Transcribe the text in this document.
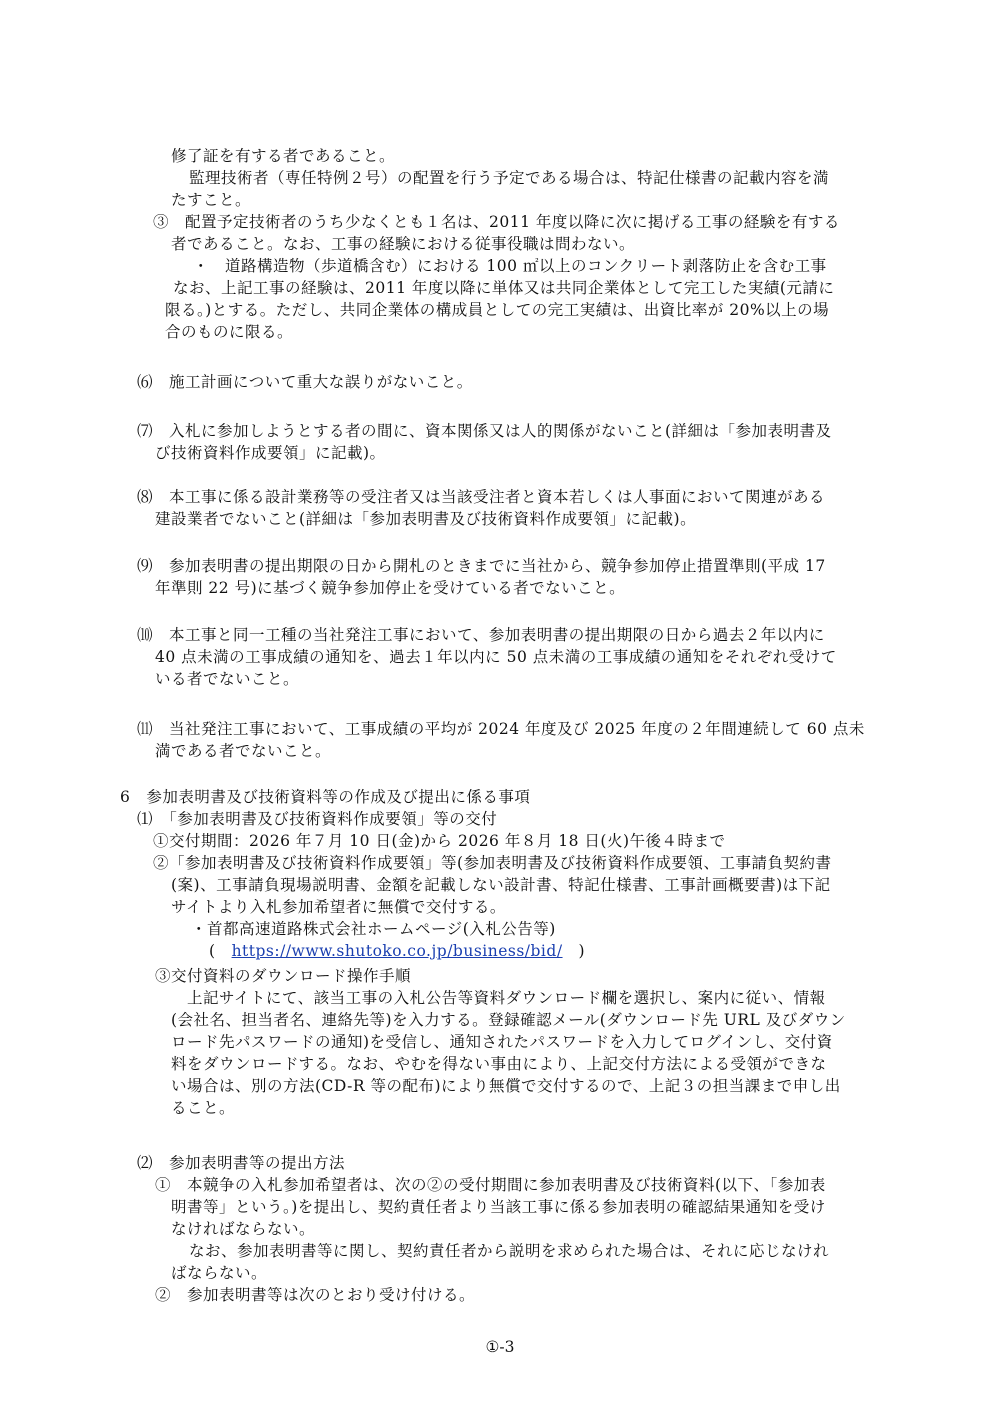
修了証を有する者であること。
監理技術者（専任特例２号）の配置を行う予定である場合は、特記仕様書の記載内容を満
たすこと。
③　配置予定技術者のうち少なくとも１名は、2011 年度以降に次に掲げる工事の経験を有する
者であること。なお、工事の経験における従事役職は問わない。
・　道路構造物（歩道橋含む）における 100 ㎡以上のコンクリート剥落防止を含む工事
なお、上記工事の経験は、2011 年度以降に単体又は共同企業体として完工した実績(元請に
限る。)とする。ただし、共同企業体の構成員としての完工実績は、出資比率が 20%以上の場
合のものに限る。
⑹　施工計画について重大な誤りがないこと。
⑺　入札に参加しようとする者の間に、資本関係又は人的関係がないこと(詳細は「参加表明書及
び技術資料作成要領」に記載)。
⑻　本工事に係る設計業務等の受注者又は当該受注者と資本若しくは人事面において関連がある
建設業者でないこと(詳細は「参加表明書及び技術資料作成要領」に記載)。
⑼　参加表明書の提出期限の日から開札のときまでに当社から、競争参加停止措置準則(平成 17
年準則 22 号)に基づく競争参加停止を受けている者でないこと。
⑽　本工事と同一工種の当社発注工事において、参加表明書の提出期限の日から過去２年以内に
40 点未満の工事成績の通知を、過去１年以内に 50 点未満の工事成績の通知をそれぞれ受けて
いる者でないこと。
⑾　当社発注工事において、工事成績の平均が 2024 年度及び 2025 年度の２年間連続して 60 点未
満である者でないこと。
6　参加表明書及び技術資料等の作成及び提出に係る事項
⑴　「参加表明書及び技術資料作成要領」等の交付
①交付期間：2026 年７月 10 日(金)から 2026 年８月 18 日(火)午後４時まで
②「参加表明書及び技術資料作成要領」等(参加表明書及び技術資料作成要領、工事請負契約書
(案)、工事請負現場説明書、金額を記載しない設計書、特記仕様書、工事計画概要書)は下記
サイトより入札参加希望者に無償で交付する。
・首都高速道路株式会社ホームページ(入札公告等)
(　https://www.shutoko.co.jp/business/bid/　)
③交付資料のダウンロード操作手順
上記サイトにて、該当工事の入札公告等資料ダウンロード欄を選択し、案内に従い、情報
(会社名、担当者名、連絡先等)を入力する。登録確認メール(ダウンロード先 URL 及びダウン
ロード先パスワードの通知)を受信し、通知されたパスワードを入力してログインし、交付資
料をダウンロードする。なお、やむを得ない事由により、上記交付方法による受領ができな
い場合は、別の方法(CD-R 等の配布)により無償で交付するので、上記３の担当課まで申し出
ること。
⑵　参加表明書等の提出方法
①　本競争の入札参加希望者は、次の②の受付期間に参加表明書及び技術資料(以下、「参加表
明書等」という。)を提出し、契約責任者より当該工事に係る参加表明の確認結果通知を受け
なければならない。
なお、参加表明書等に関し、契約責任者から説明を求められた場合は、それに応じなけれ
ばならない。
②　参加表明書等は次のとおり受け付ける。
①-3
